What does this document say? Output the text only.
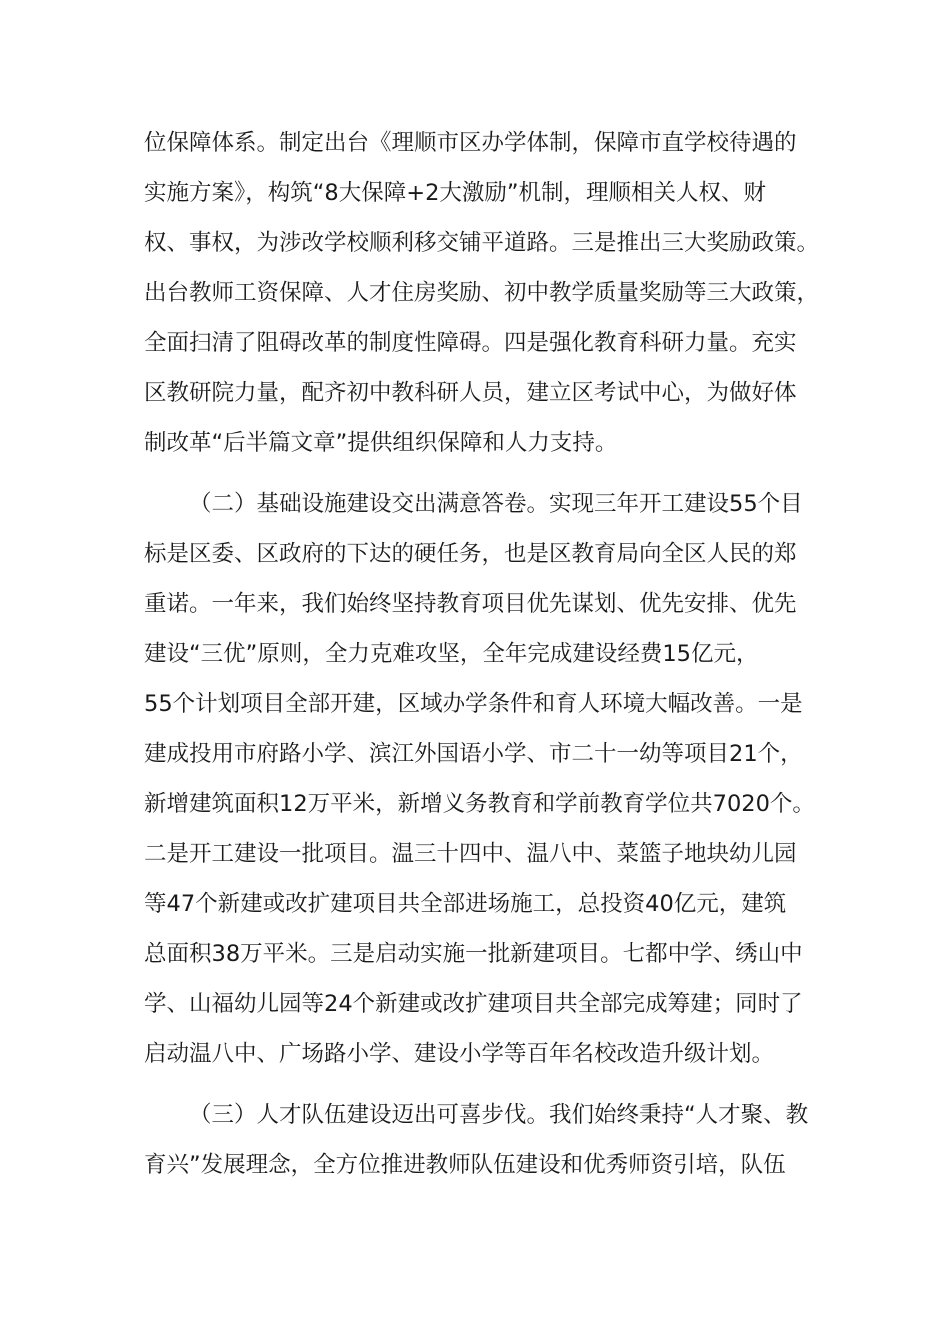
位保障体系。制定出台《理顺市区办学体制，保障市直学校待遇的
实施方案》，构筑“8大保障+2大激励”机制，理顺相关人权、财
权、事权，为涉改学校顺利移交铺平道路。三是推出三大奖励政策。
出台教师工资保障、人才住房奖励、初中教学质量奖励等三大政策，
全面扫清了阻碍改革的制度性障碍。四是强化教育科研力量。充实
区教研院力量，配齐初中教科研人员，建立区考试中心，为做好体
制改革“后半篇文章”提供组织保障和人力支持。
（二）基础设施建设交出满意答卷。实现三年开工建设55个目
标是区委、区政府的下达的硬任务，也是区教育局向全区人民的郑
重诺。一年来，我们始终坚持教育项目优先谋划、优先安排、优先
建设“三优”原则，全力克难攻坚，全年完成建设经费15亿元，
55个计划项目全部开建，区域办学条件和育人环境大幅改善。一是
建成投用市府路小学、滨江外国语小学、市二十一幼等项目21个，
新增建筑面积12万平米，新增义务教育和学前教育学位共7020个。
二是开工建设一批项目。温三十四中、温八中、菜篮子地块幼儿园
等47个新建或改扩建项目共全部进场施工，总投资40亿元，建筑
总面积38万平米。三是启动实施一批新建项目。七都中学、绣山中
学、山福幼儿园等24个新建或改扩建项目共全部完成筹建；同时了
启动温八中、广场路小学、建设小学等百年名校改造升级计划。
（三）人才队伍建设迈出可喜步伐。我们始终秉持“人才聚、教
育兴”发展理念，全方位推进教师队伍建设和优秀师资引培，队伍
